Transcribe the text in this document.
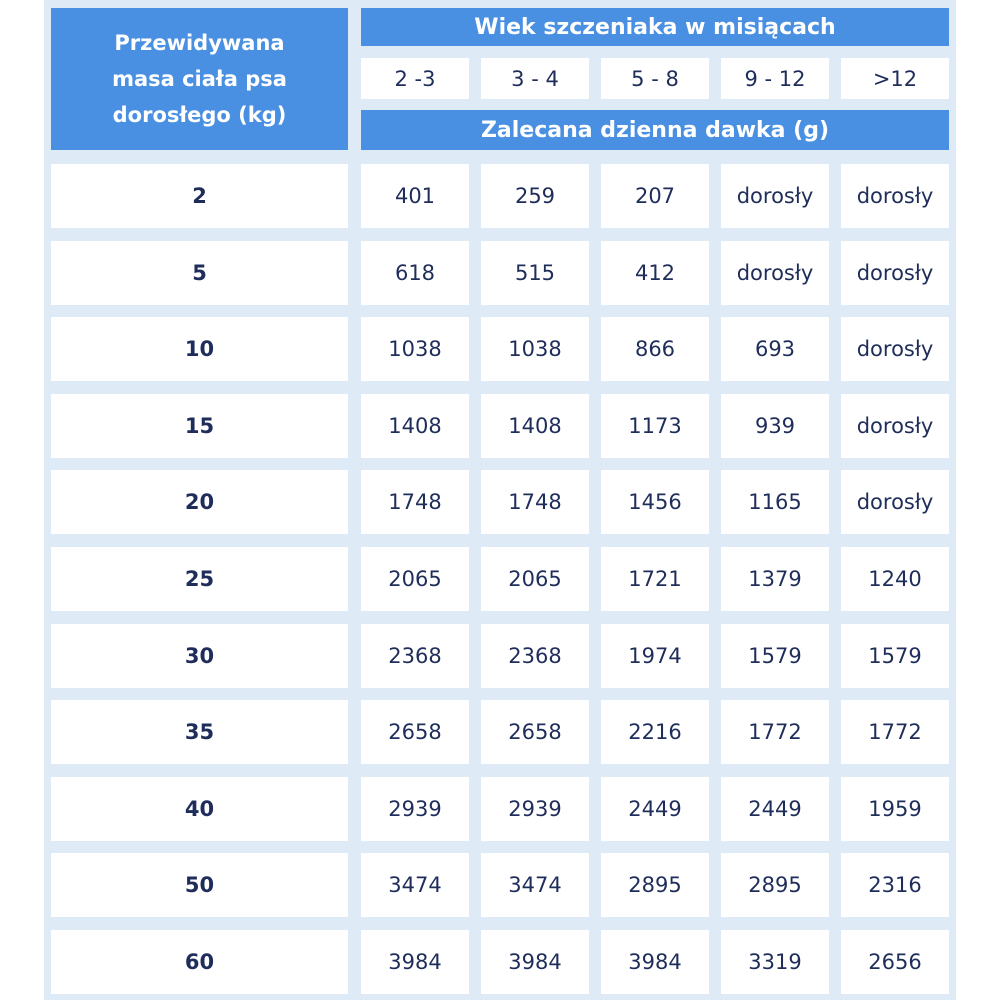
Przewidywana masa ciała psa dorosłego (kg)
Wiek szczeniaka w misiącach
2 -3	3 - 4	5 - 8	9 - 12	>12
Zalecana dzienna dawka (g)
2	401	259	207	dorosły	dorosły
5	618	515	412	dorosły	dorosły
10	1038	1038	866	693	dorosły
15	1408	1408	1173	939	dorosły
20	1748	1748	1456	1165	dorosły
25	2065	2065	1721	1379	1240
30	2368	2368	1974	1579	1579
35	2658	2658	2216	1772	1772
40	2939	2939	2449	2449	1959
50	3474	3474	2895	2895	2316
60	3984	3984	3984	3319	2656
